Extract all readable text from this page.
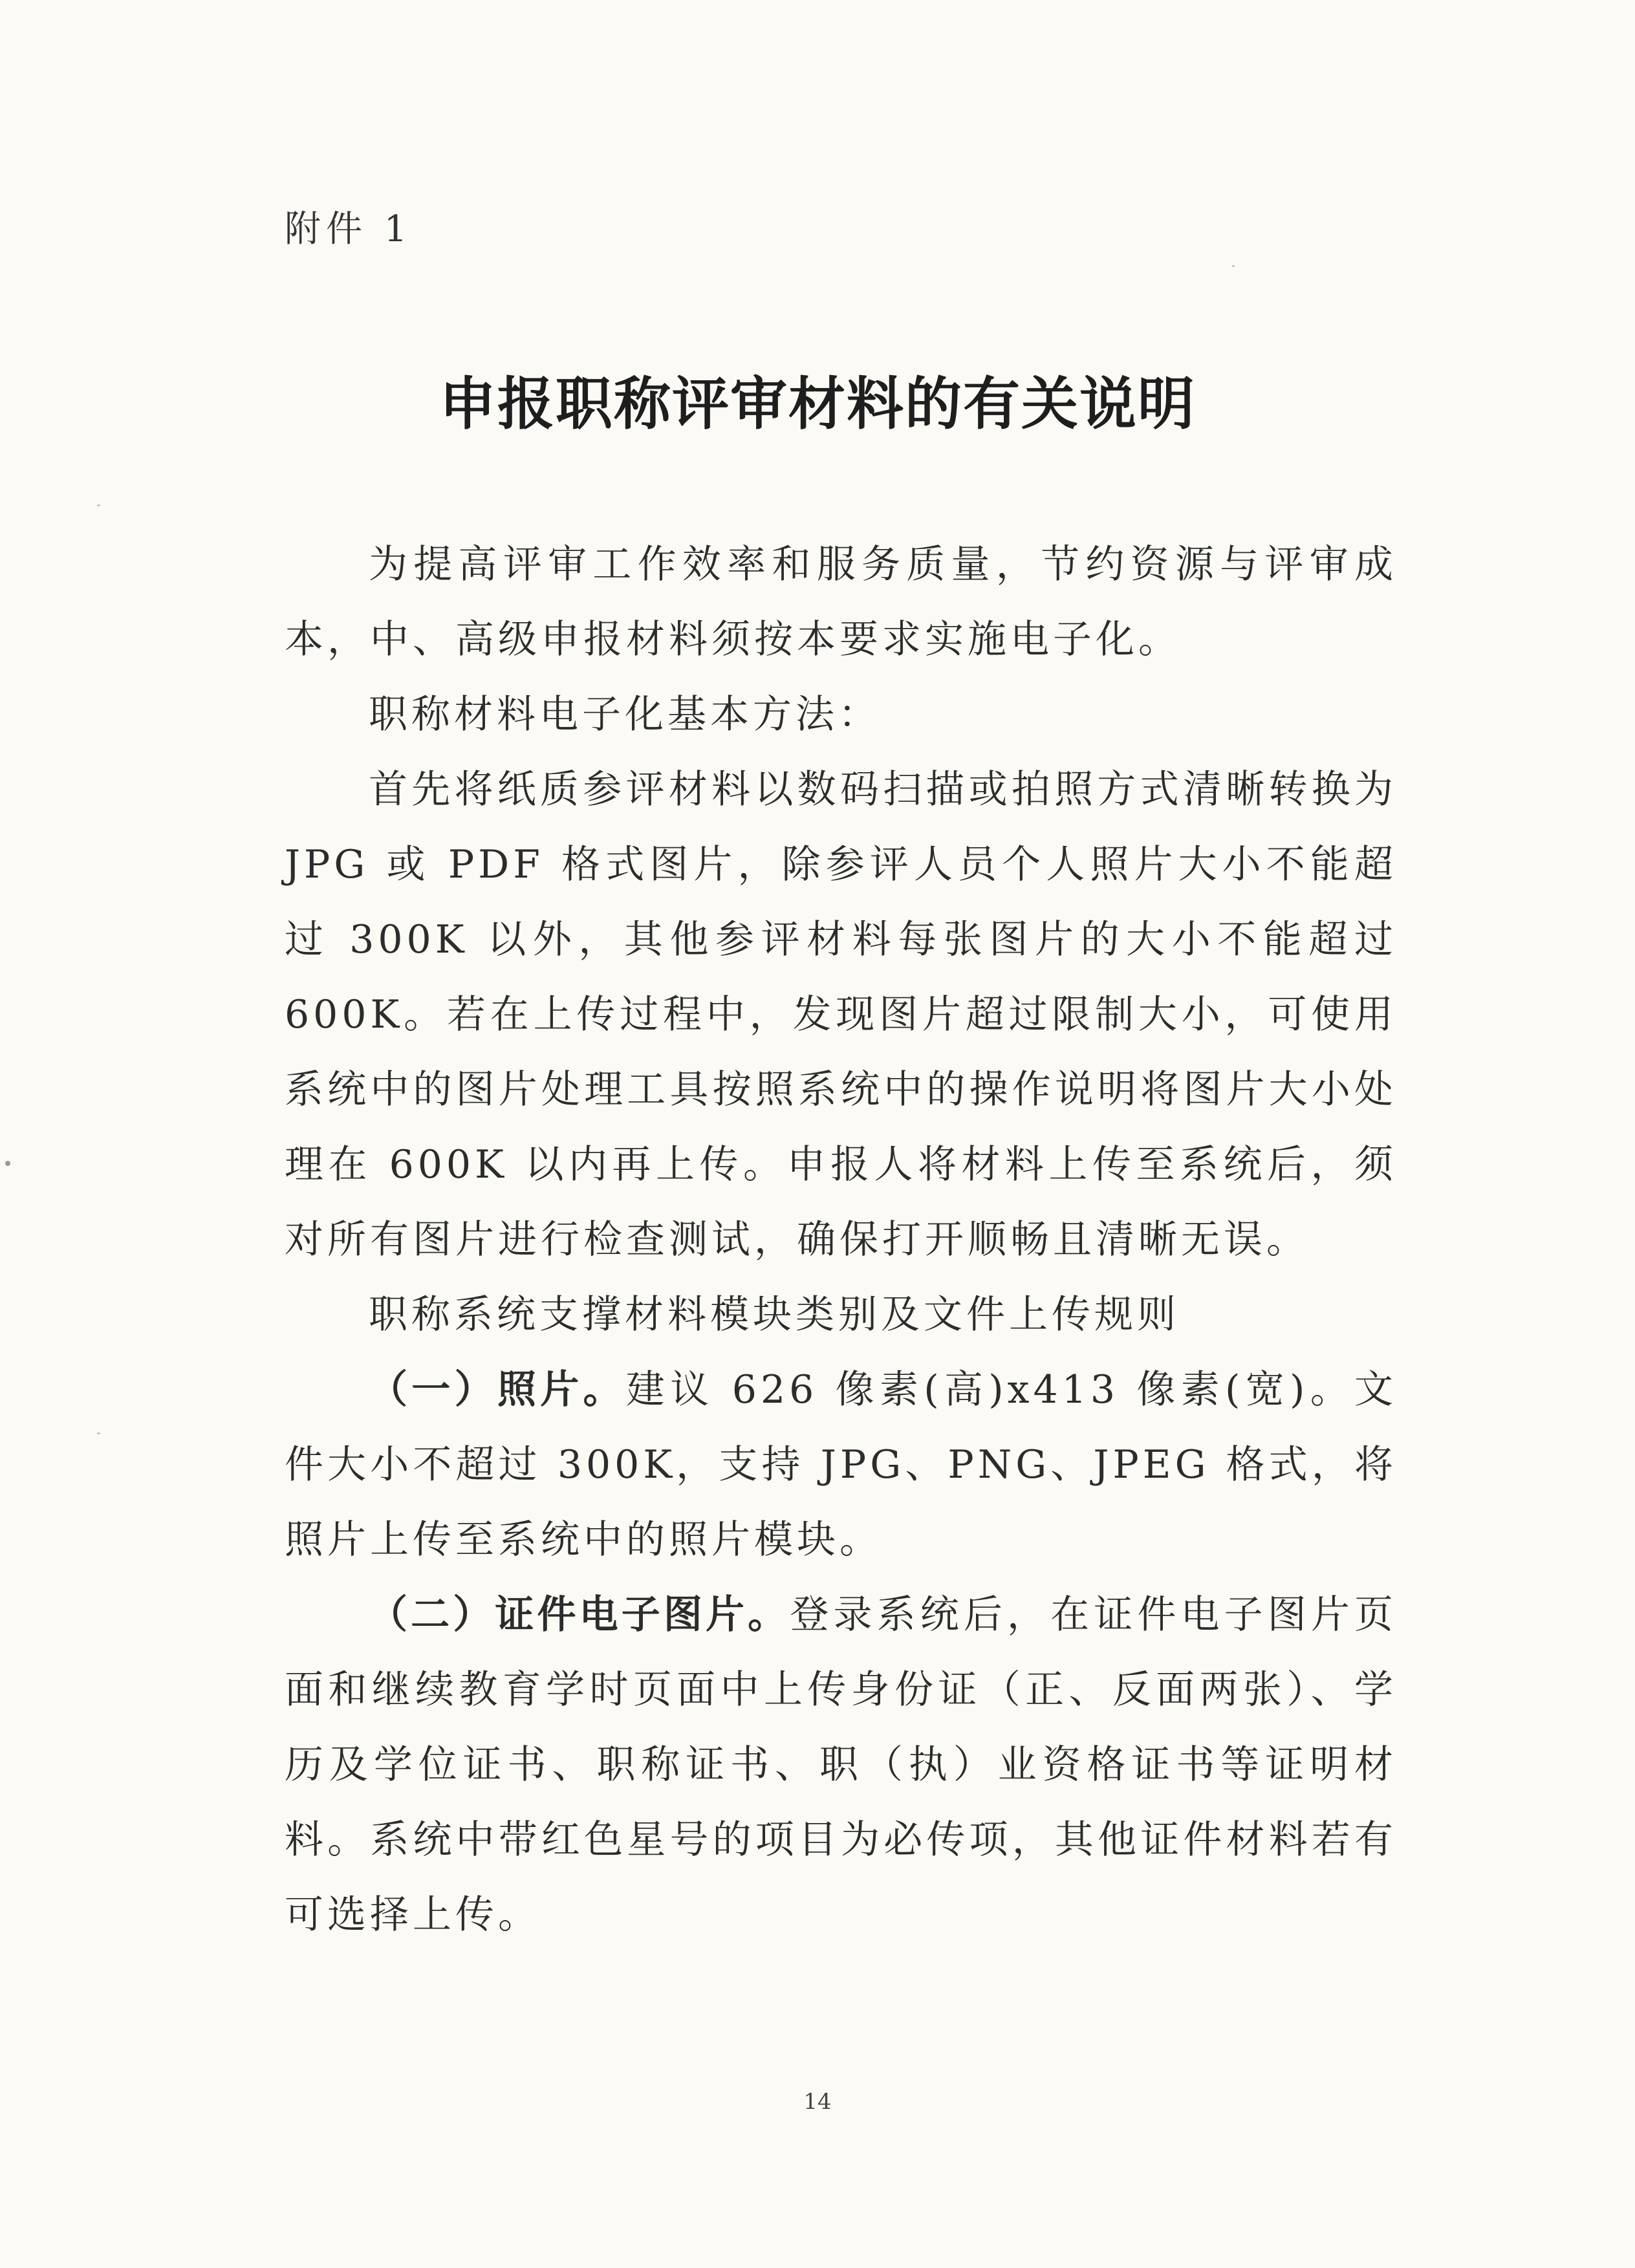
附件 1
申报职称评审材料的有关说明

为提高评审工作效率和服务质量，节约资源与评审成本，中、高级申报材料须按本要求实施电子化。

职称材料电子化基本方法：

首先将纸质参评材料以数码扫描或拍照方式清晰转换为 JPG 或 PDF 格式图片，除参评人员个人照片大小不能超过 300K 以外，其他参评材料每张图片的大小不能超过 600K。若在上传过程中，发现图片超过限制大小，可使用系统中的图片处理工具按照系统中的操作说明将图片大小处理在 600K 以内再上传。申报人将材料上传至系统后，须对所有图片进行检查测试，确保打开顺畅且清晰无误。

职称系统支撑材料模块类别及文件上传规则

（一）照片。建议 626 像素(高)x413 像素(宽)。文件大小不超过 300K，支持 JPG、PNG、JPEG 格式，将照片上传至系统中的照片模块。

（二）证件电子图片。登录系统后，在证件电子图片页面和继续教育学时页面中上传身份证（正、反面两张）、学历及学位证书、职称证书、职（执）业资格证书等证明材料。系统中带红色星号的项目为必传项，其他证件材料若有可选择上传。

14
